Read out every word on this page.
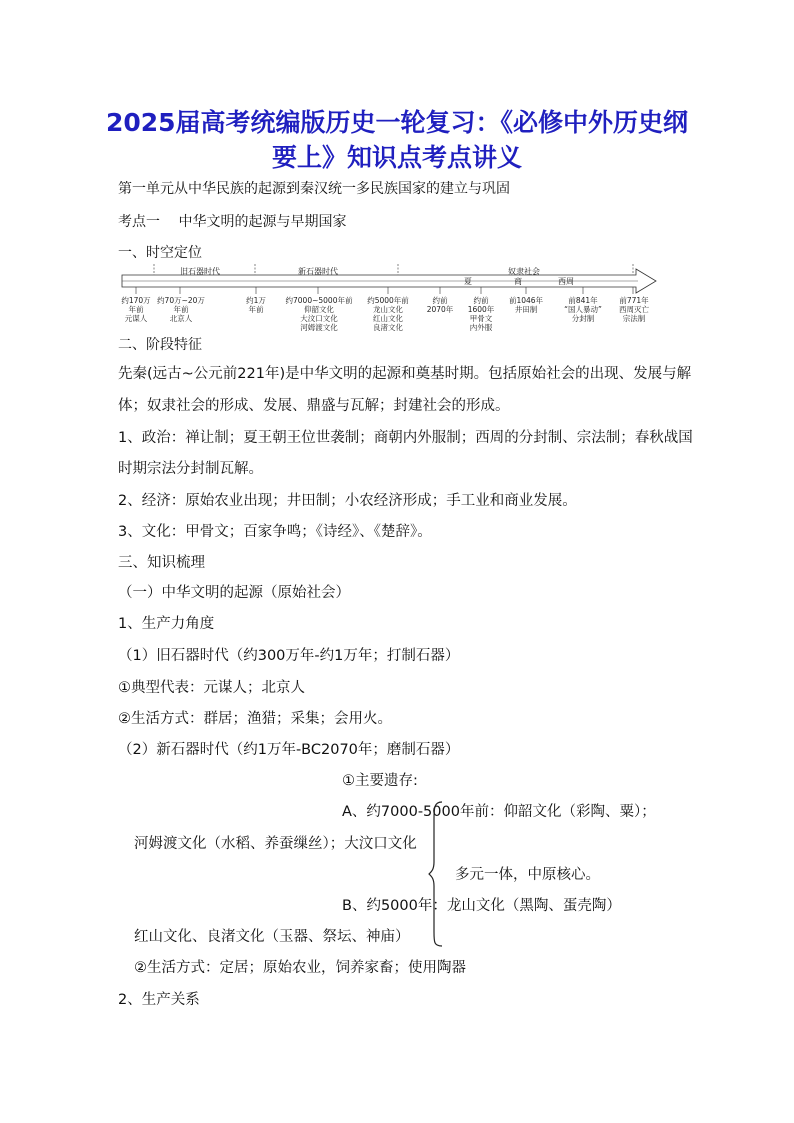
2025届高考统编版历史一轮复习：《必修中外历史纲
要上》知识点考点讲义
第一单元从中华民族的起源到秦汉统一多民族国家的建立与巩固
考点一　 中华文明的起源与早期国家
一、时空定位
旧石器时代	新石器时代	奴隶社会
夏	商	西周
约170万
年前
元谋人
约70万~20万
年前
北京人
约1万
年前
约7000~5000年前
仰韶文化
大汶口文化
河姆渡文化
约5000年前
龙山文化
红山文化
良渚文化
约前
2070年
约前
1600年
甲骨文
内外服
前1046年
井田制
前841年
“国人暴动”
分封制
前771年
西周灭亡
宗法制
二、阶段特征
先秦(远古~公元前221年)是中华文明的起源和奠基时期。包括原始社会的出现、发展与解
体；奴隶社会的形成、发展、鼎盛与瓦解；封建社会的形成。
1、政治：禅让制；夏王朝王位世袭制；商朝内外服制；西周的分封制、宗法制；春秋战国
时期宗法分封制瓦解。
2、经济：原始农业出现；井田制；小农经济形成；手工业和商业发展。
3、文化：甲骨文；百家争鸣；《诗经》、《楚辞》。
三、知识梳理
（一）中华文明的起源（原始社会）
1、生产力角度
（1）旧石器时代（约300万年-约1万年；打制石器）
①典型代表：元谋人；北京人
②生活方式：群居；渔猎；采集；会用火。
（2）新石器时代（约1万年-BC2070年；磨制石器）
①主要遗存:
A、约7000-5000年前：仰韶文化（彩陶、粟）；
河姆渡文化（水稻、养蚕缫丝）；大汶口文化
多元一体，中原核心。
B、约5000年：龙山文化（黑陶、蛋壳陶）
红山文化、良渚文化（玉器、祭坛、神庙）
②生活方式：定居；原始农业，饲养家畜；使用陶器
2、生产关系
